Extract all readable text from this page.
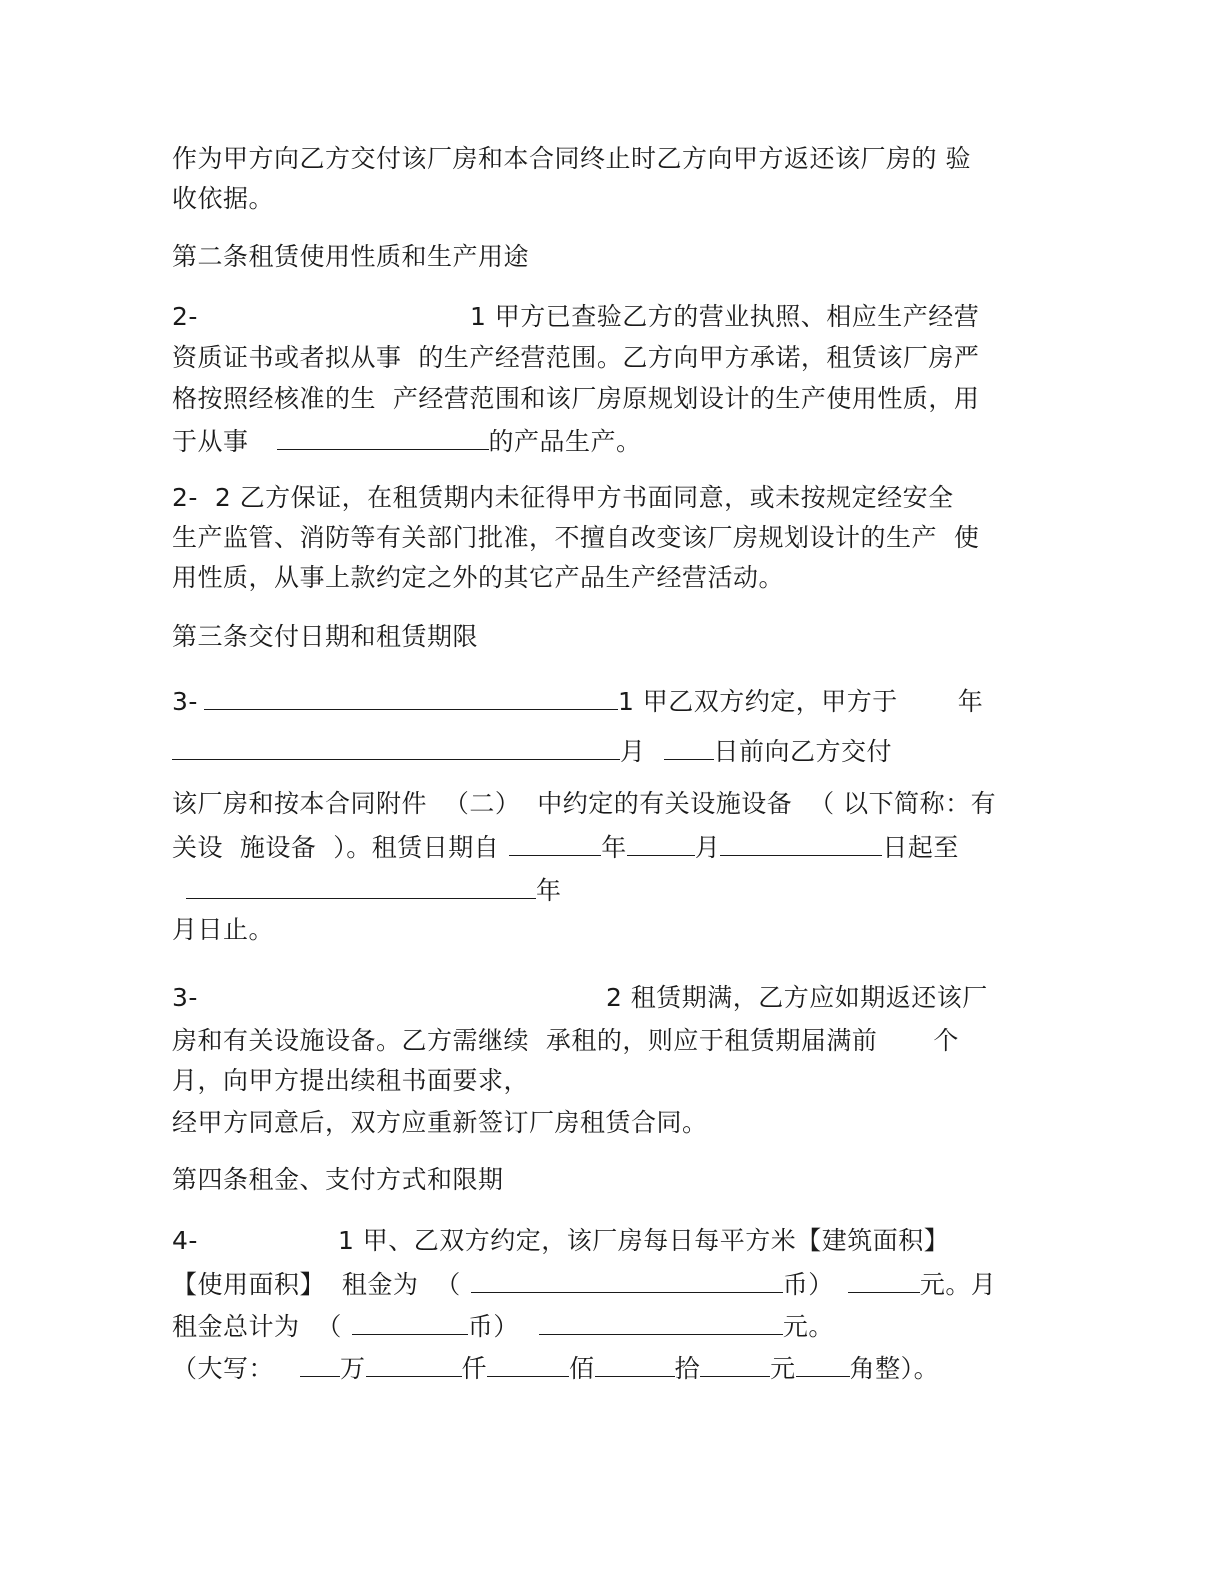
作为甲方向乙方交付该厂房和本合同终止时乙方向甲方返还该厂房的 验
收依据。
第二条租赁使用性质和生产用途
2-	1 甲方已查验乙方的营业执照、相应生产经营
资质证书或者拟从事  的生产经营范围。乙方向甲方承诺，租赁该厂房严
格按照经核准的生  产经营范围和该厂房原规划设计的生产使用性质，用
于从事	的产品生产。
2-  2 乙方保证，在租赁期内未征得甲方书面同意，或未按规定经安全
生产监管、消防等有关部门批准，不擅自改变该厂房规划设计的生产  使
用性质，从事上款约定之外的其它产品生产经营活动。
第三条交付日期和租赁期限
3-	1 甲乙双方约定，甲方于 年
月	日前向乙方交付
该厂房和按本合同附件  （二）  中约定的有关设施设备  （ 以下简称：有
关设  施设备  ）。租赁日期自	年	月	日起至
年
月日止。
3-	2 租赁期满，乙方应如期返还该厂
房和有关设施设备。乙方需继续  承租的，则应于租赁期届满前 个
月，向甲方提出续租书面要求，
经甲方同意后，双方应重新签订厂房租赁合同。
第四条租金、支付方式和限期
4-	1 甲、乙双方约定，该厂房每日每平方米【建筑面积】
【使用面积】  租金为  （	币）	元。月
租金总计为  （	币）	元。
（大写：	万	仟	佰	拾	元 角整）。
